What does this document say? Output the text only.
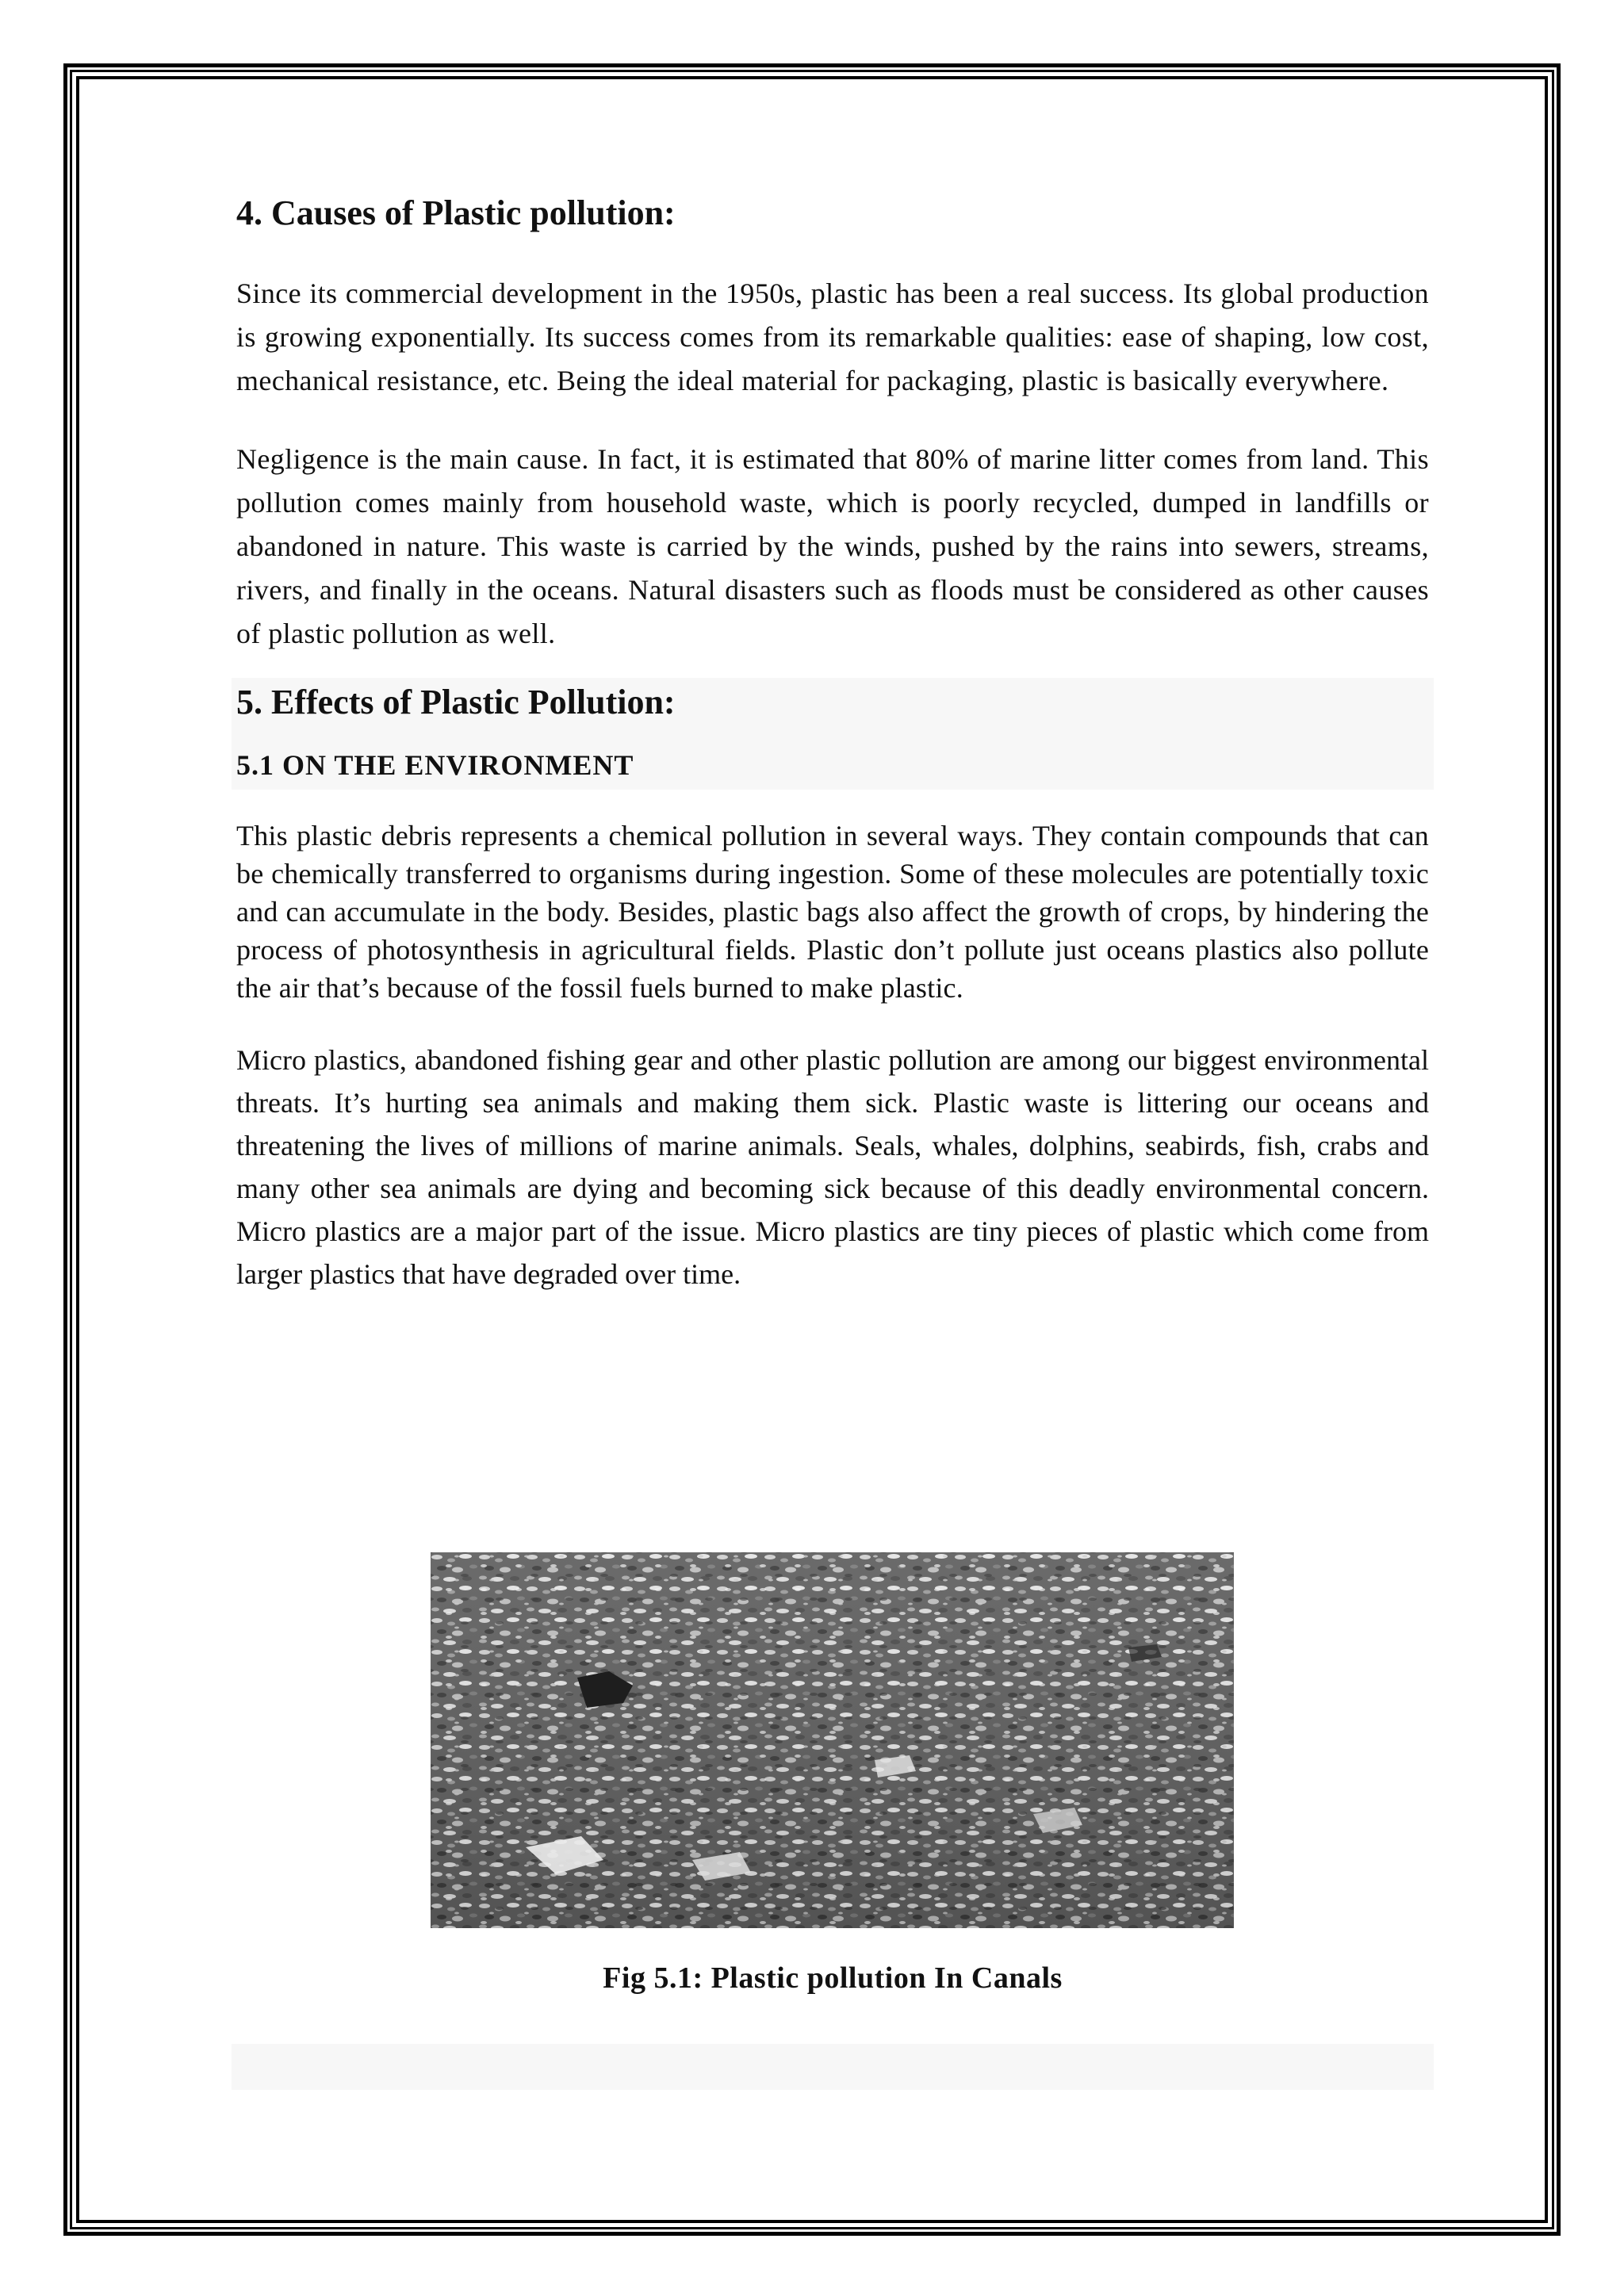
4. Causes of Plastic pollution:

Since its commercial development in the 1950s, plastic has been a real success. Its global production is growing exponentially. Its success comes from its remarkable qualities: ease of shaping, low cost, mechanical resistance, etc. Being the ideal material for packaging, plastic is basically everywhere.

Negligence is the main cause. In fact, it is estimated that 80% of marine litter comes from land. This pollution comes mainly from household waste, which is poorly recycled, dumped in landfills or abandoned in nature. This waste is carried by the winds, pushed by the rains into sewers, streams, rivers, and finally in the oceans. Natural disasters such as floods must be considered as other causes of plastic pollution as well.

5. Effects of Plastic Pollution:
5.1 ON THE ENVIRONMENT

This plastic debris represents a chemical pollution in several ways. They contain compounds that can be chemically transferred to organisms during ingestion. Some of these molecules are potentially toxic and can accumulate in the body. Besides, plastic bags also affect the growth of crops, by hindering the process of photosynthesis in agricultural fields. Plastic don’t pollute just oceans plastics also pollute the air that’s because of the fossil fuels burned to make plastic.

Micro plastics, abandoned fishing gear and other plastic pollution are among our biggest environmental threats. It’s hurting sea animals and making them sick. Plastic waste is littering our oceans and threatening the lives of millions of marine animals. Seals, whales, dolphins, seabirds, fish, crabs and many other sea animals are dying and becoming sick because of this deadly environmental concern. Micro plastics are a major part of the issue. Micro plastics are tiny pieces of plastic which come from larger plastics that have degraded over time.

Fig 5.1: Plastic pollution In Canals
